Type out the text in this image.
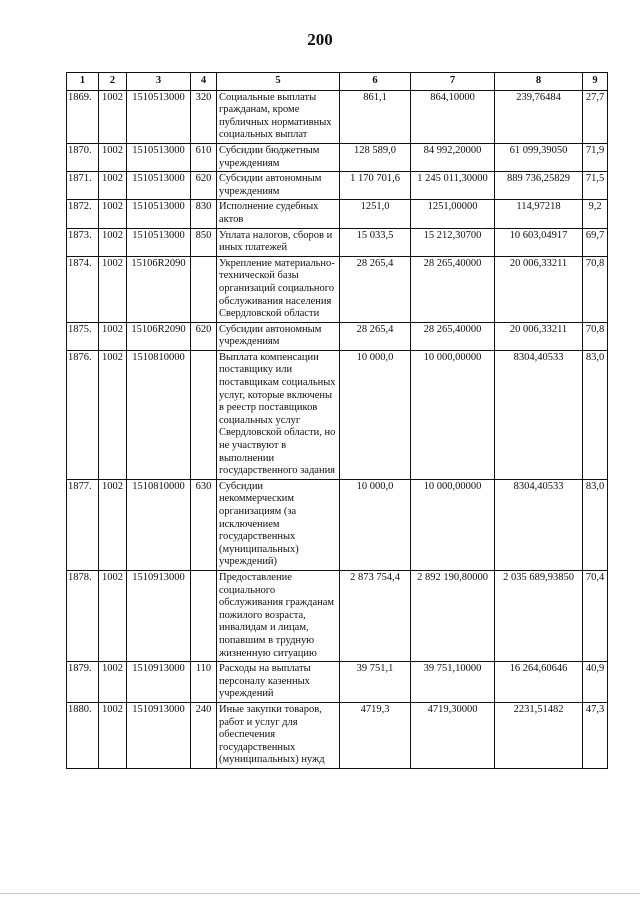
200
1	2	3	4	5	6	7	8	9
1869.	1002	1510513000	320	Социальные выплаты гражданам, кроме публичных нормативных социальных выплат	861,1	864,10000	239,76484	27,7
1870.	1002	1510513000	610	Субсидии бюджетным учреждениям	128 589,0	84 992,20000	61 099,39050	71,9
1871.	1002	1510513000	620	Субсидии автономным учреждениям	1 170 701,6	1 245 011,30000	889 736,25829	71,5
1872.	1002	1510513000	830	Исполнение судебных актов	1251,0	1251,00000	114,97218	9,2
1873.	1002	1510513000	850	Уплата налогов, сборов и иных платежей	15 033,5	15 212,30700	10 603,04917	69,7
1874.	1002	15106R2090		Укрепление материально-технической базы организаций социального обслуживания населения Свердловской области	28 265,4	28 265,40000	20 006,33211	70,8
1875.	1002	15106R2090	620	Субсидии автономным учреждениям	28 265,4	28 265,40000	20 006,33211	70,8
1876.	1002	1510810000		Выплата компенсации поставщику или поставщикам социальных услуг, которые включены в реестр поставщиков социальных услуг Свердловской области, но не участвуют в выполнении государственного задания	10 000,0	10 000,00000	8304,40533	83,0
1877.	1002	1510810000	630	Субсидии некоммерческим организациям (за исключением государственных (муниципальных) учреждений)	10 000,0	10 000,00000	8304,40533	83,0
1878.	1002	1510913000		Предоставление социального обслуживания гражданам пожилого возраста, инвалидам и лицам, попавшим в трудную жизненную ситуацию	2 873 754,4	2 892 190,80000	2 035 689,93850	70,4
1879.	1002	1510913000	110	Расходы на выплаты персоналу казенных учреждений	39 751,1	39 751,10000	16 264,60646	40,9
1880.	1002	1510913000	240	Иные закупки товаров, работ и услуг для обеспечения государственных (муниципальных) нужд	4719,3	4719,30000	2231,51482	47,3
